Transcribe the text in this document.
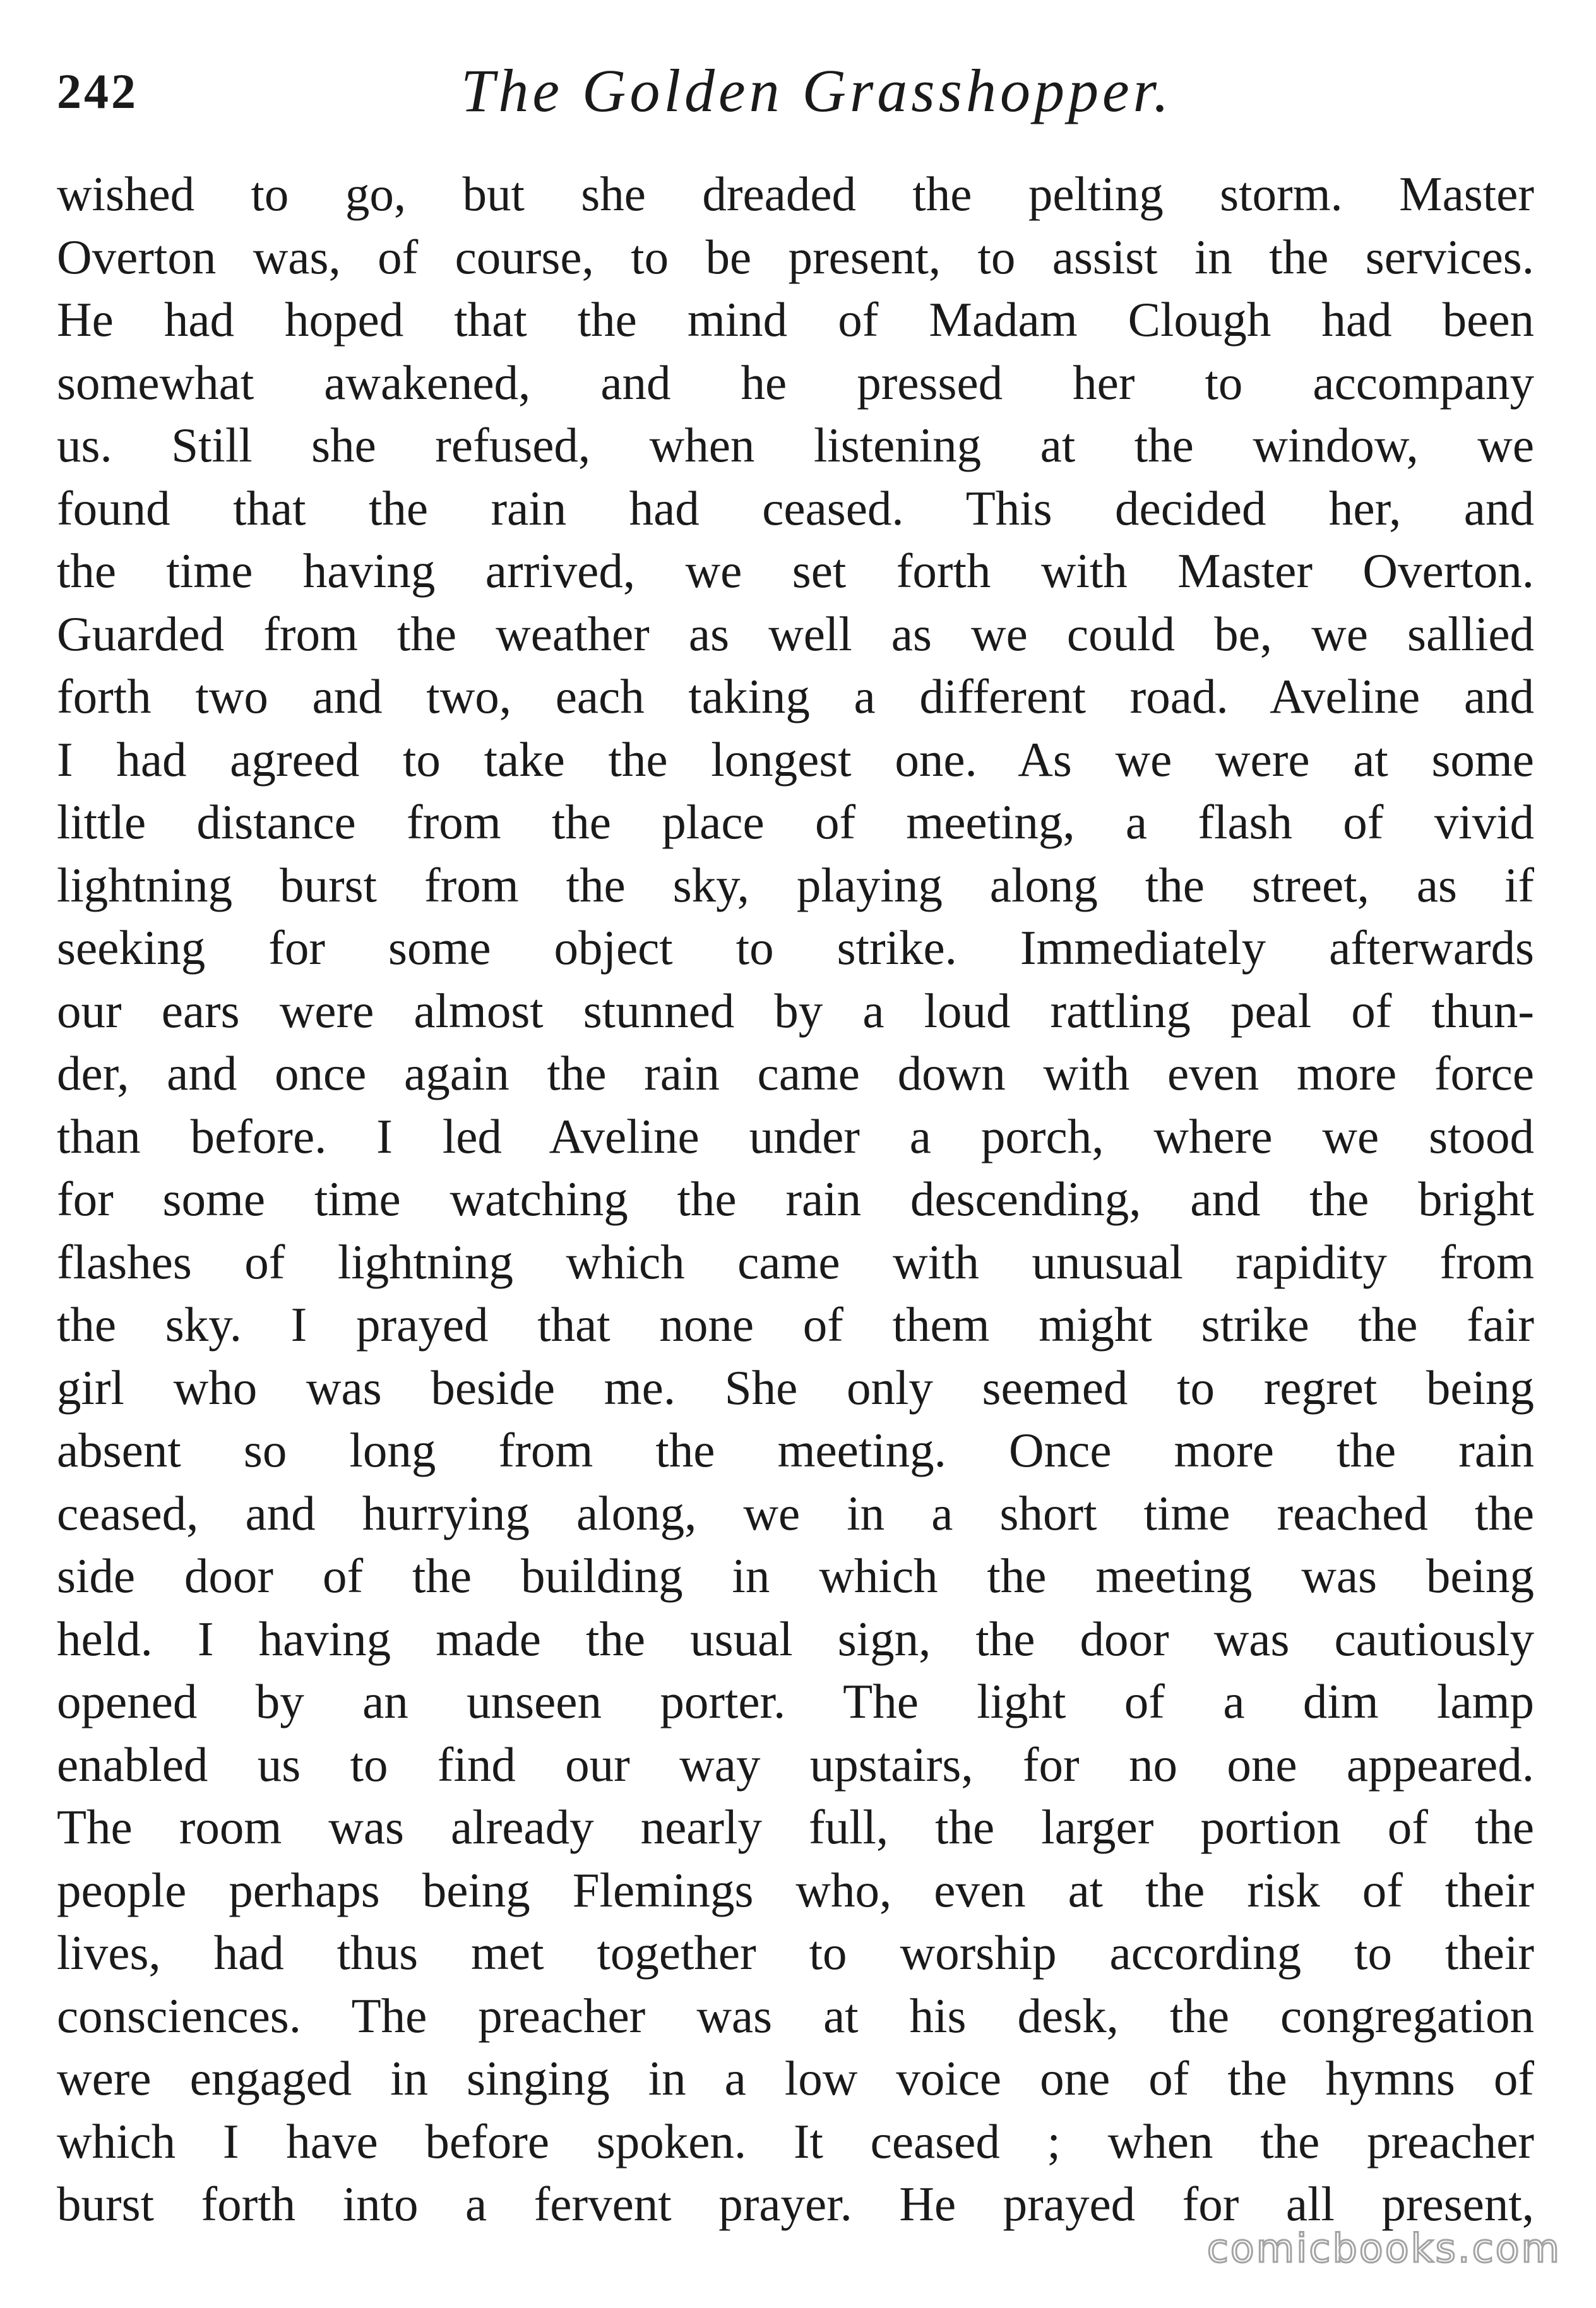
242	The Golden Grasshopper.
wished to go, but she dreaded the pelting storm. Master
Overton was, of course, to be present, to assist in the services.
He had hoped that the mind of Madam Clough had been
somewhat awakened, and he pressed her to accompany
us. Still she refused, when listening at the window, we
found that the rain had ceased. This decided her, and
the time having arrived, we set forth with Master Overton.
Guarded from the weather as well as we could be, we sallied
forth two and two, each taking a different road. Aveline and
I had agreed to take the longest one. As we were at some
little distance from the place of meeting, a flash of vivid
lightning burst from the sky, playing along the street, as if
seeking for some object to strike. Immediately afterwards
our ears were almost stunned by a loud rattling peal of thun-
der, and once again the rain came down with even more force
than before. I led Aveline under a porch, where we stood
for some time watching the rain descending, and the bright
flashes of lightning which came with unusual rapidity from
the sky. I prayed that none of them might strike the fair
girl who was beside me. She only seemed to regret being
absent so long from the meeting. Once more the rain
ceased, and hurrying along, we in a short time reached the
side door of the building in which the meeting was being
held. I having made the usual sign, the door was cautiously
opened by an unseen porter. The light of a dim lamp
enabled us to find our way upstairs, for no one appeared.
The room was already nearly full, the larger portion of the
people perhaps being Flemings who, even at the risk of their
lives, had thus met together to worship according to their
consciences. The preacher was at his desk, the congregation
were engaged in singing in a low voice one of the hymns of
which I have before spoken. It ceased ; when the preacher
burst forth into a fervent prayer. He prayed for all present,
comicbooks.com
